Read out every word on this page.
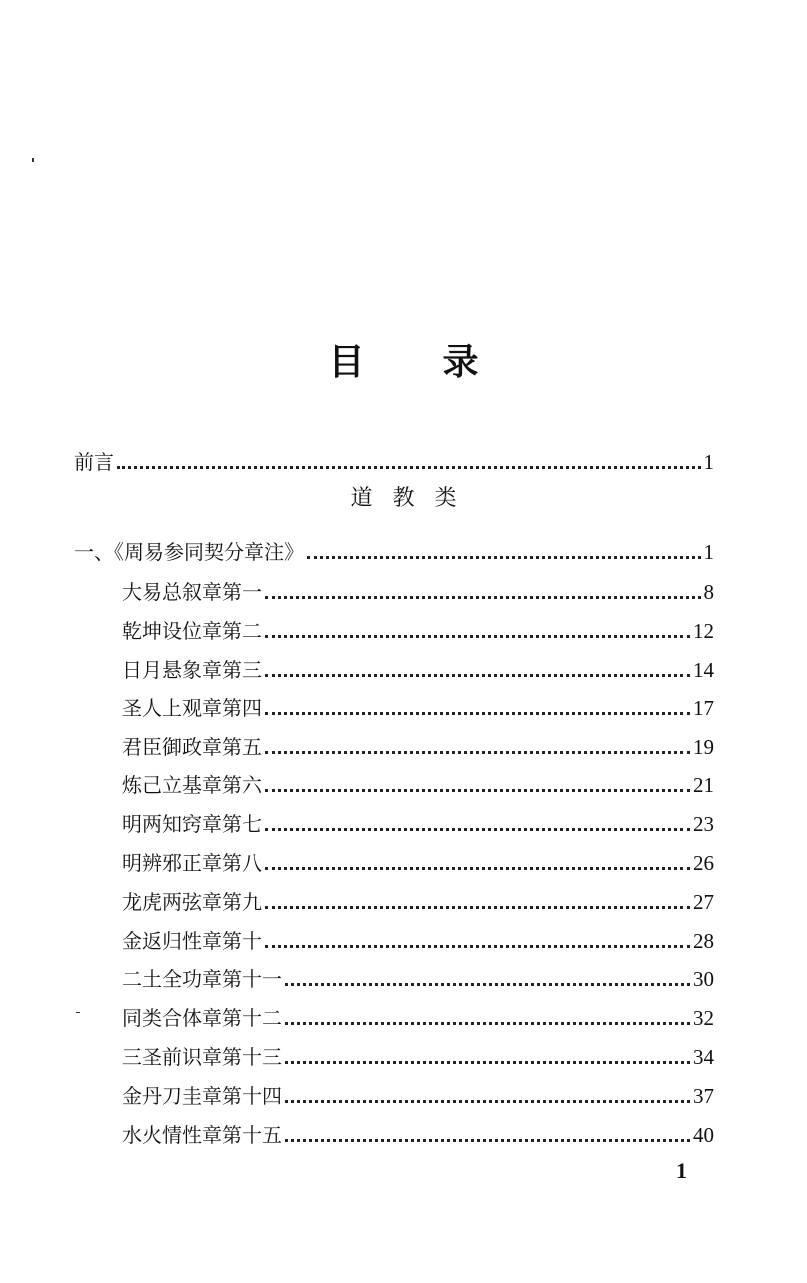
目 录
前言	1
道教类
一、《周易参同契分章注》	1
大易总叙章第一	8
乾坤设位章第二	12
日月悬象章第三	14
圣人上观章第四	17
君臣御政章第五	19
炼己立基章第六	21
明两知窍章第七	23
明辨邪正章第八	26
龙虎两弦章第九	27
金返归性章第十	28
二土全功章第十一	30
同类合体章第十二	32
三圣前识章第十三	34
金丹刀圭章第十四	37
水火情性章第十五	40
1
